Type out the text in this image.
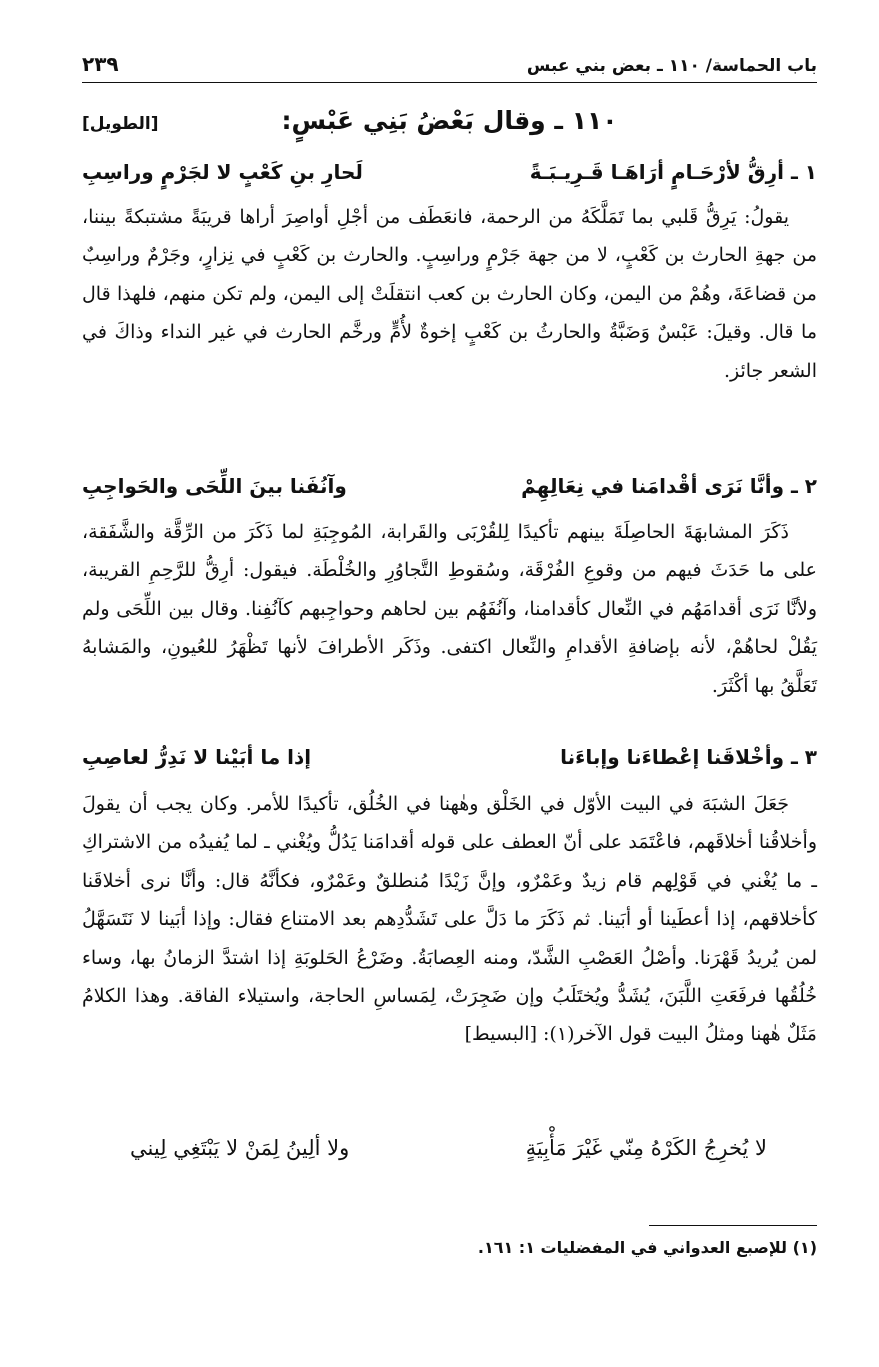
باب الحماسة/ ١١٠ ـ بعض بني عبس
٢٣٩
١١٠ ـ وقال بَعْضُ بَنِي عَبْسٍ:
[الطويل]
١ ـ أرِقُّ لأرْحَـامٍ أرَاهَـا قَـرِيـبَـةً
لَحارِ بنِ كَعْبٍ لا لجَرْمٍ وراسِبِ

يقولُ: يَرِقُّ قَلبي بما تَمَلَّكَهُ من الرحمة، فانعَطَف من أجْلِ أواصِرَ أراها قريبَةً مشتبكةً بيننا، من جهةِ الحارث بن كَعْبٍ، لا من جهة جَرْمٍ وراسِبٍ. والحارث بن كَعْبٍ في نِزارٍ، وجَرْمٌ وراسِبٌ من قضاعَةَ، وهُمْ من اليمن، وكان الحارث بن كعب انتقلَتْ إلى اليمن، ولم تكن منهم، فلهذا قال ما قال. وقيلَ: عَبْسٌ وَضَبَّةُ والحارثُ بن كَعْبٍ إخوةٌ لأُمٍّ ورخَّم الحارث في غير النداء وذاكَ في الشعر جائز.

٢ ـ وأنَّا نَرَى أقْدامَنا في نِعَالِهِمْ
وآنُفَنا بينَ اللِّحَى والحَواجِبِ

ذَكَرَ المشابهَةَ الحاصِلَةَ بينهم تأكيدًا لِلقُرْبَى والقَرابة، المُوجِبَةِ لما ذَكَرَ من الرِّقَّة والشَّفَقة، على ما حَدَثَ فيهم من وقوعِ الفُرْقَة، وسُقوطِ التَّجاوُرِ والخُلْطَة. فيقول: أرِقُّ للرَّحِمِ القريبة، ولأنَّا نَرَى أقدامَهُم في النِّعال كأقدامنا، وآنُفَهُم بين لحاهم وحواجِبهم كآنُفِنا. وقال بين اللِّحَى ولم يَقُلْ لحاهُمْ، لأنه بإضافةِ الأقدامِ والنِّعال اكتفى. وذَكَر الأطرافَ لأنها تَظْهَرُ للعُيونِ، والمَشابهُ تَعَلَّقُ بها أكْثَرَ.

٣ ـ وأخْلاقَنا إعْطاءَنا وإباءَنا
إذا ما أبَيْنا لا نَدِرُّ لعاصِبِ

جَعَلَ الشبَهَ في البيت الأوّل في الخَلْق وهٰهنا في الخُلُق، تأكيدًا للأمر. وكان يجب أن يقولَ وأخلاقُنا أخلاقَهم، فاعْتَمَد على أنّ العطف على قوله أقدامَنا يَدُلُّ ويُغْني ـ لما يُفيدُه من الاشتراكِ ـ ما يُغْني في قَوْلِهم قام زيدٌ وعَمْرٌو، وإنَّ زَيْدًا مُنطلقٌ وعَمْرٌو، فكأنَّهُ قال: وأنَّا نرى أخلاقَنا كأخلاقهم، إذا أعطَينا أو أبَينا. ثم ذَكَرَ ما دَلَّ على تَشَدُّدِهم بعد الامتناع فقال: وإذا أبَينا لا نَتَسَهَّلُ لمن يُريدُ قَهْرَنا. وأصْلُ العَصْبِ الشَّدّ، ومنه العِصابَةُ. وضَرْعُ الحَلوبَةِ إذا اشتدَّ الزمانُ بها، وساء خُلُقُها فرفَعَتِ اللَّبَنَ، يُشَدُّ ويُختَلَبُ وإن ضَجِرَتْ، لِمَساسِ الحاجة، واستيلاء الفاقة. وهذا الكلامُ مَثَلٌ هٰهنا ومثلُ البيت قول الآخر(١): [البسيط]

لا يُخرِجُ الكَرْهُ مِنّي غَيْرَ مَأْبِيَةٍ
ولا ألِينُ لِمَنْ لا يَبْتَغِي لِيني
(١) للإصبع العدواني في المفضليات ١: ١٦١.
